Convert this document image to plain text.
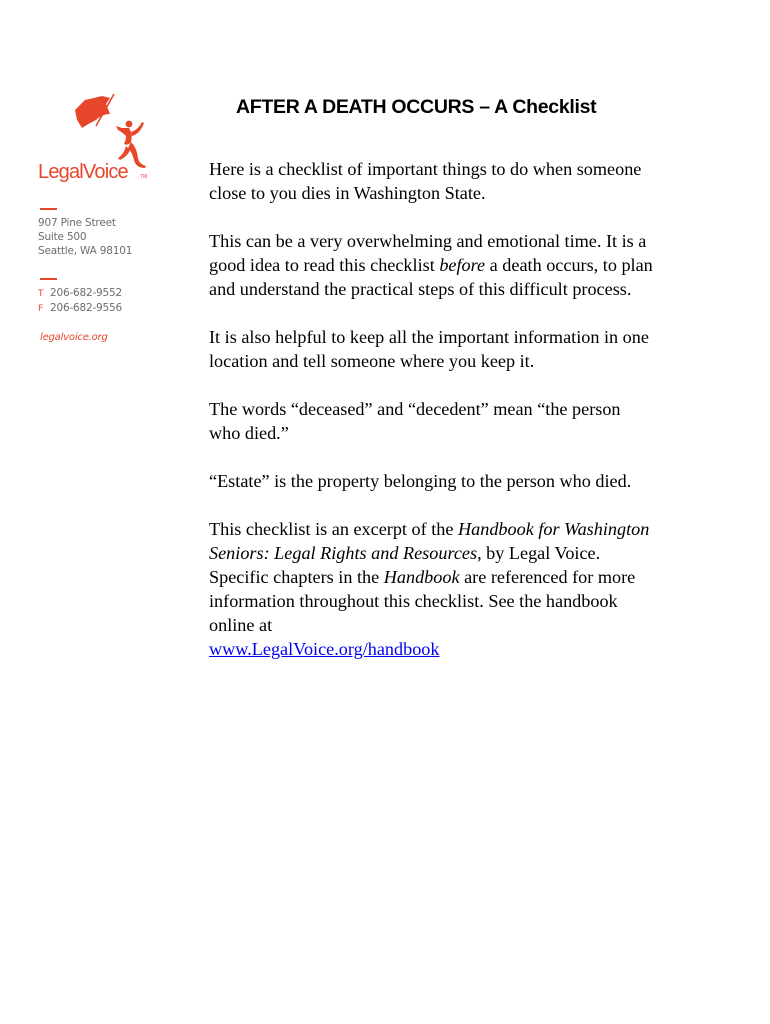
LegalVoice TM
907 Pine Street
Suite 500
Seattle, WA 98101
T 206-682-9552
F 206-682-9556
legalvoice.org
AFTER A DEATH OCCURS – A Checklist

Here is a checklist of important things to do when someone close to you dies in Washington State.

This can be a very overwhelming and emotional time. It is a good idea to read this checklist before a death occurs, to plan and understand the practical steps of this difficult process.

It is also helpful to keep all the important information in one location and tell someone where you keep it.

The words “deceased” and “decedent” mean “the person who died.”

“Estate” is the property belonging to the person who died.

This checklist is an excerpt of the Handbook for Washington Seniors: Legal Rights and Resources, by Legal Voice. Specific chapters in the Handbook are referenced for more information throughout this checklist. See the handbook online at
www.LegalVoice.org/handbook
